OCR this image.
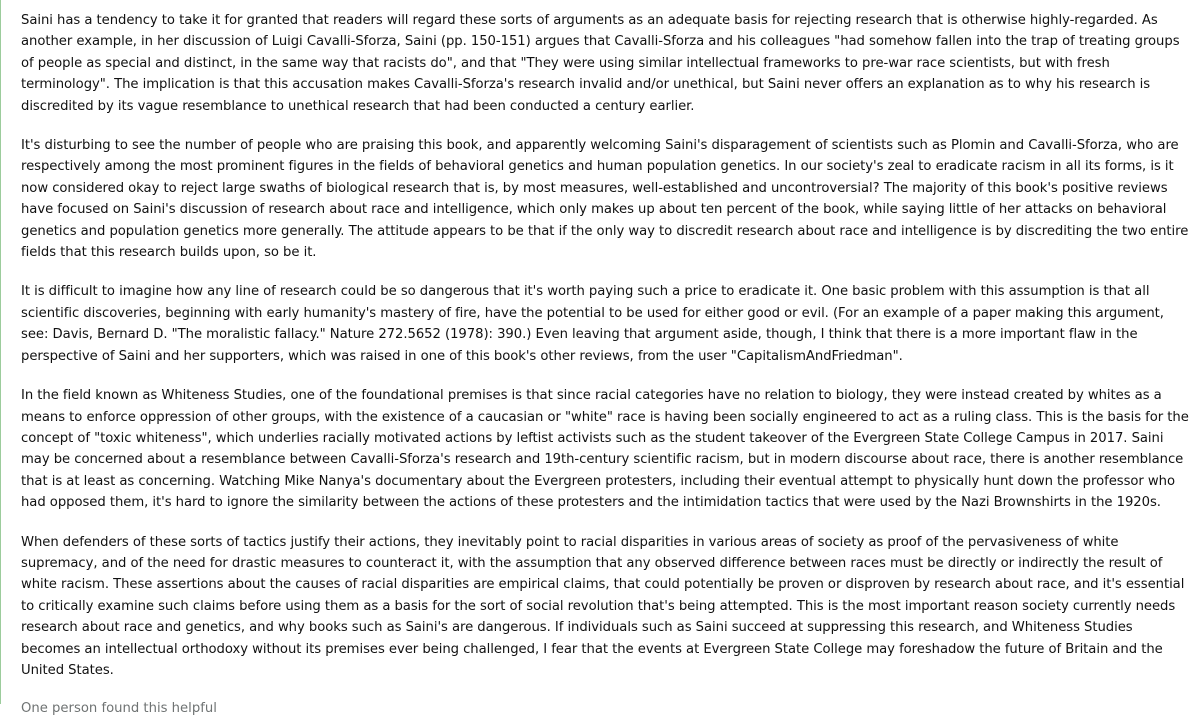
Saini has a tendency to take it for granted that readers will regard these sorts of arguments as an adequate basis for rejecting research that is otherwise highly-regarded. As another example, in her discussion of Luigi Cavalli-Sforza, Saini (pp. 150-151) argues that Cavalli-Sforza and his colleagues "had somehow fallen into the trap of treating groups of people as special and distinct, in the same way that racists do", and that "They were using similar intellectual frameworks to pre-war race scientists, but with fresh terminology". The implication is that this accusation makes Cavalli-Sforza's research invalid and/or unethical, but Saini never offers an explanation as to why his research is discredited by its vague resemblance to unethical research that had been conducted a century earlier.

It's disturbing to see the number of people who are praising this book, and apparently welcoming Saini's disparagement of scientists such as Plomin and Cavalli-Sforza, who are respectively among the most prominent figures in the fields of behavioral genetics and human population genetics. In our society's zeal to eradicate racism in all its forms, is it now considered okay to reject large swaths of biological research that is, by most measures, well-established and uncontroversial? The majority of this book's positive reviews have focused on Saini's discussion of research about race and intelligence, which only makes up about ten percent of the book, while saying little of her attacks on behavioral genetics and population genetics more generally. The attitude appears to be that if the only way to discredit research about race and intelligence is by discrediting the two entire fields that this research builds upon, so be it.

It is difficult to imagine how any line of research could be so dangerous that it's worth paying such a price to eradicate it. One basic problem with this assumption is that all scientific discoveries, beginning with early humanity's mastery of fire, have the potential to be used for either good or evil. (For an example of a paper making this argument, see: Davis, Bernard D. "The moralistic fallacy." Nature 272.5652 (1978): 390.) Even leaving that argument aside, though, I think that there is a more important flaw in the perspective of Saini and her supporters, which was raised in one of this book's other reviews, from the user "CapitalismAndFriedman".

In the field known as Whiteness Studies, one of the foundational premises is that since racial categories have no relation to biology, they were instead created by whites as a means to enforce oppression of other groups, with the existence of a caucasian or "white" race is having been socially engineered to act as a ruling class. This is the basis for the concept of "toxic whiteness", which underlies racially motivated actions by leftist activists such as the student takeover of the Evergreen State College Campus in 2017. Saini may be concerned about a resemblance between Cavalli-Sforza's research and 19th-century scientific racism, but in modern discourse about race, there is another resemblance that is at least as concerning. Watching Mike Nanya's documentary about the Evergreen protesters, including their eventual attempt to physically hunt down the professor who had opposed them, it's hard to ignore the similarity between the actions of these protesters and the intimidation tactics that were used by the Nazi Brownshirts in the 1920s.

When defenders of these sorts of tactics justify their actions, they inevitably point to racial disparities in various areas of society as proof of the pervasiveness of white supremacy, and of the need for drastic measures to counteract it, with the assumption that any observed difference between races must be directly or indirectly the result of white racism. These assertions about the causes of racial disparities are empirical claims, that could potentially be proven or disproven by research about race, and it's essential to critically examine such claims before using them as a basis for the sort of social revolution that's being attempted. This is the most important reason society currently needs research about race and genetics, and why books such as Saini's are dangerous. If individuals such as Saini succeed at suppressing this research, and Whiteness Studies becomes an intellectual orthodoxy without its premises ever being challenged, I fear that the events at Evergreen State College may foreshadow the future of Britain and the United States.

One person found this helpful
